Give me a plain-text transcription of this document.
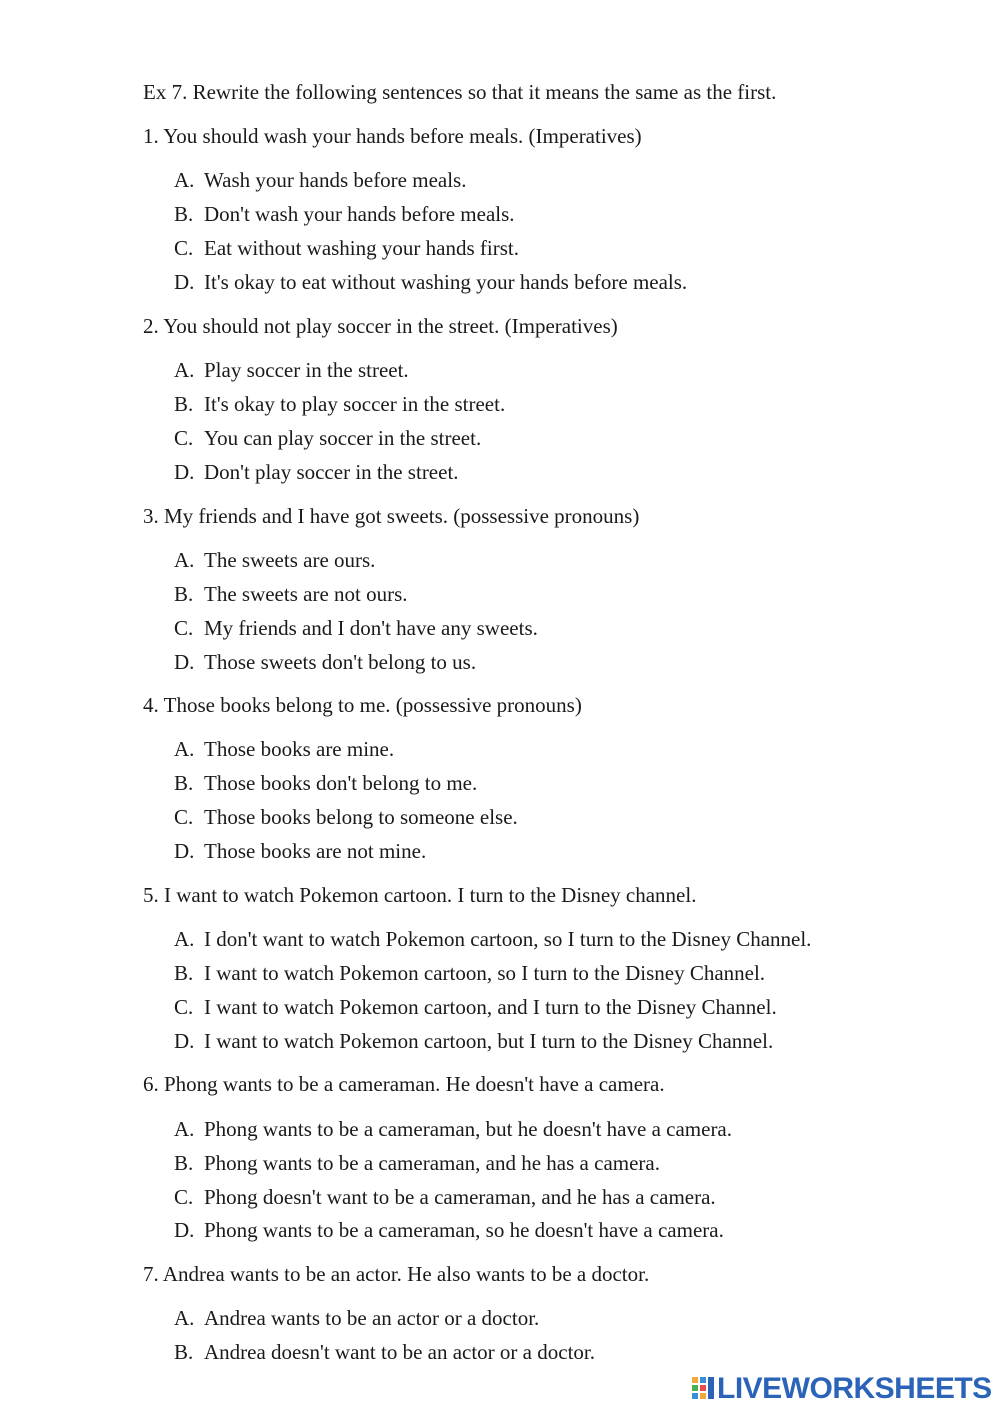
Ex 7. Rewrite the following sentences so that it means the same as the first.
1. You should wash your hands before meals. (Imperatives)
A. Wash your hands before meals.
B. Don't wash your hands before meals.
C. Eat without washing your hands first.
D. It's okay to eat without washing your hands before meals.
2. You should not play soccer in the street. (Imperatives)
A. Play soccer in the street.
B. It's okay to play soccer in the street.
C. You can play soccer in the street.
D. Don't play soccer in the street.
3. My friends and I have got sweets. (possessive pronouns)
A. The sweets are ours.
B. The sweets are not ours.
C. My friends and I don't have any sweets.
D. Those sweets don't belong to us.
4. Those books belong to me. (possessive pronouns)
A. Those books are mine.
B. Those books don't belong to me.
C. Those books belong to someone else.
D. Those books are not mine.
5. I want to watch Pokemon cartoon. I turn to the Disney channel.
A. I don't want to watch Pokemon cartoon, so I turn to the Disney Channel.
B. I want to watch Pokemon cartoon, so I turn to the Disney Channel.
C. I want to watch Pokemon cartoon, and I turn to the Disney Channel.
D. I want to watch Pokemon cartoon, but I turn to the Disney Channel.
6. Phong wants to be a cameraman. He doesn't have a camera.
A. Phong wants to be a cameraman, but he doesn't have a camera.
B. Phong wants to be a cameraman, and he has a camera.
C. Phong doesn't want to be a cameraman, and he has a camera.
D. Phong wants to be a cameraman, so he doesn't have a camera.
7. Andrea wants to be an actor. He also wants to be a doctor.
A. Andrea wants to be an actor or a doctor.
B. Andrea doesn't want to be an actor or a doctor.
LIVEWORKSHEETS
